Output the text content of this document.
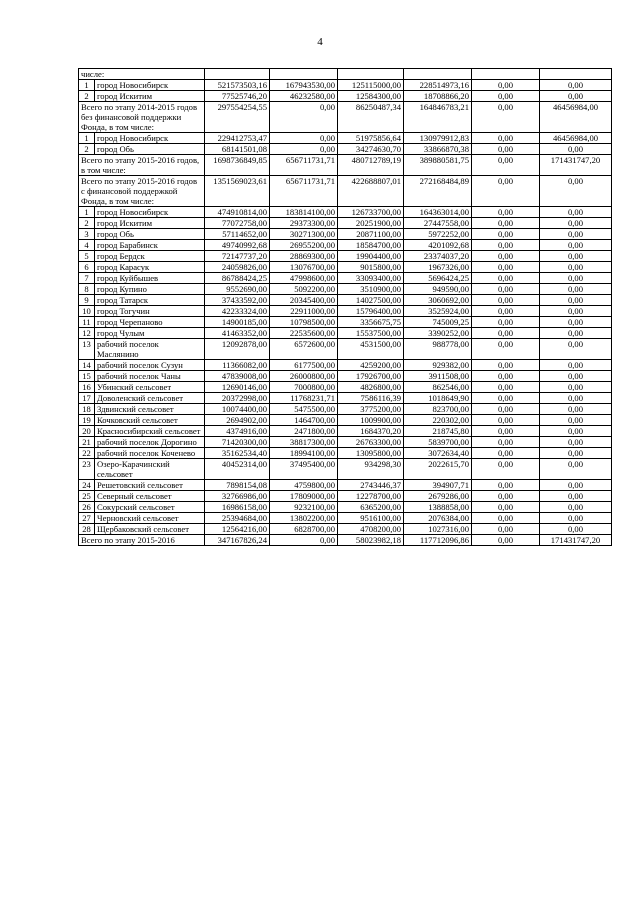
4
числе:							
1	город Новосибирск	521573503,16	167943530,00	125115000,00	228514973,16	0,00	0,00
2	город Искитим	77525746,20	46232580,00	12584300,00	18708866,20	0,00	0,00
Всего по этапу 2014-2015 годов без финансовой поддержки Фонда, в том числе:		297554254,55	0,00	86250487,34	164846783,21	0,00	46456984,00
1	город Новосибирск	229412753,47	0,00	51975856,64	130979912,83	0,00	46456984,00
2	город Обь	68141501,08	0,00	34274630,70	33866870,38	0,00	0,00
Всего по этапу 2015-2016 годов, в том числе:		1698736849,85	656711731,71	480712789,19	389880581,75	0,00	171431747,20
Всего по этапу 2015-2016 годов с финансовой поддержкой Фонда, в том числе:		1351569023,61	656711731,71	422688807,01	272168484,89	0,00	0,00
1	город Новосибирск	474910814,00	183814100,00	126733700,00	164363014,00	0,00	0,00
2	город Искитим	77072758,00	29373300,00	20251900,00	27447558,00	0,00	0,00
3	город Обь	57114652,00	30271300,00	20871100,00	5972252,00	0,00	0,00
4	город Барабинск	49740992,68	26955200,00	18584700,00	4201092,68	0,00	0,00
5	город Бердск	72147737,20	28869300,00	19904400,00	23374037,20	0,00	0,00
6	город Карасук	24059826,00	13076700,00	9015800,00	1967326,00	0,00	0,00
7	город Куйбышев	86788424,25	47998600,00	33093400,00	5696424,25	0,00	0,00
8	город Купино	9552690,00	5092200,00	3510900,00	949590,00	0,00	0,00
9	город Татарск	37433592,00	20345400,00	14027500,00	3060692,00	0,00	0,00
10	город Тогучин	42233324,00	22911000,00	15796400,00	3525924,00	0,00	0,00
11	город Черепаново	14900185,00	10798500,00	3356675,75	745009,25	0,00	0,00
12	город Чулым	41463352,00	22535600,00	15537500,00	3390252,00	0,00	0,00
13	рабочий поселок Маслянино	12092878,00	6572600,00	4531500,00	988778,00	0,00	0,00
14	рабочий поселок Сузун	11366082,00	6177500,00	4259200,00	929382,00	0,00	0,00
15	рабочий поселок Чаны	47839008,00	26000800,00	17926700,00	3911508,00	0,00	0,00
16	Убинский сельсовет	12690146,00	7000800,00	4826800,00	862546,00	0,00	0,00
17	Доволенский сельсовет	20372998,00	11768231,71	7586116,39	1018649,90	0,00	0,00
18	Здвинский сельсовет	10074400,00	5475500,00	3775200,00	823700,00	0,00	0,00
19	Кочковский сельсовет	2694902,00	1464700,00	1009900,00	220302,00	0,00	0,00
20	Красносибирский сельсовет	4374916,00	2471800,00	1684370,20	218745,80	0,00	0,00
21	рабочий поселок Дорогино	71420300,00	38817300,00	26763300,00	5839700,00	0,00	0,00
22	рабочий поселок Коченево	35162534,40	18994100,00	13095800,00	3072634,40	0,00	0,00
23	Озеро-Карачинский сельсовет	40452314,00	37495400,00	934298,30	2022615,70	0,00	0,00
24	Решетовский сельсовет	7898154,08	4759800,00	2743446,37	394907,71	0,00	0,00
25	Северный сельсовет	32766986,00	17809000,00	12278700,00	2679286,00	0,00	0,00
26	Сокурский сельсовет	16986158,00	9232100,00	6365200,00	1388858,00	0,00	0,00
27	Черновский сельсовет	25394684,00	13802200,00	9516100,00	2076384,00	0,00	0,00
28	Щербаковский сельсовет	12564216,00	6828700,00	4708200,00	1027316,00	0,00	0,00
Всего по этапу 2015-2016		347167826,24	0,00	58023982,18	117712096,86	0,00	171431747,20
